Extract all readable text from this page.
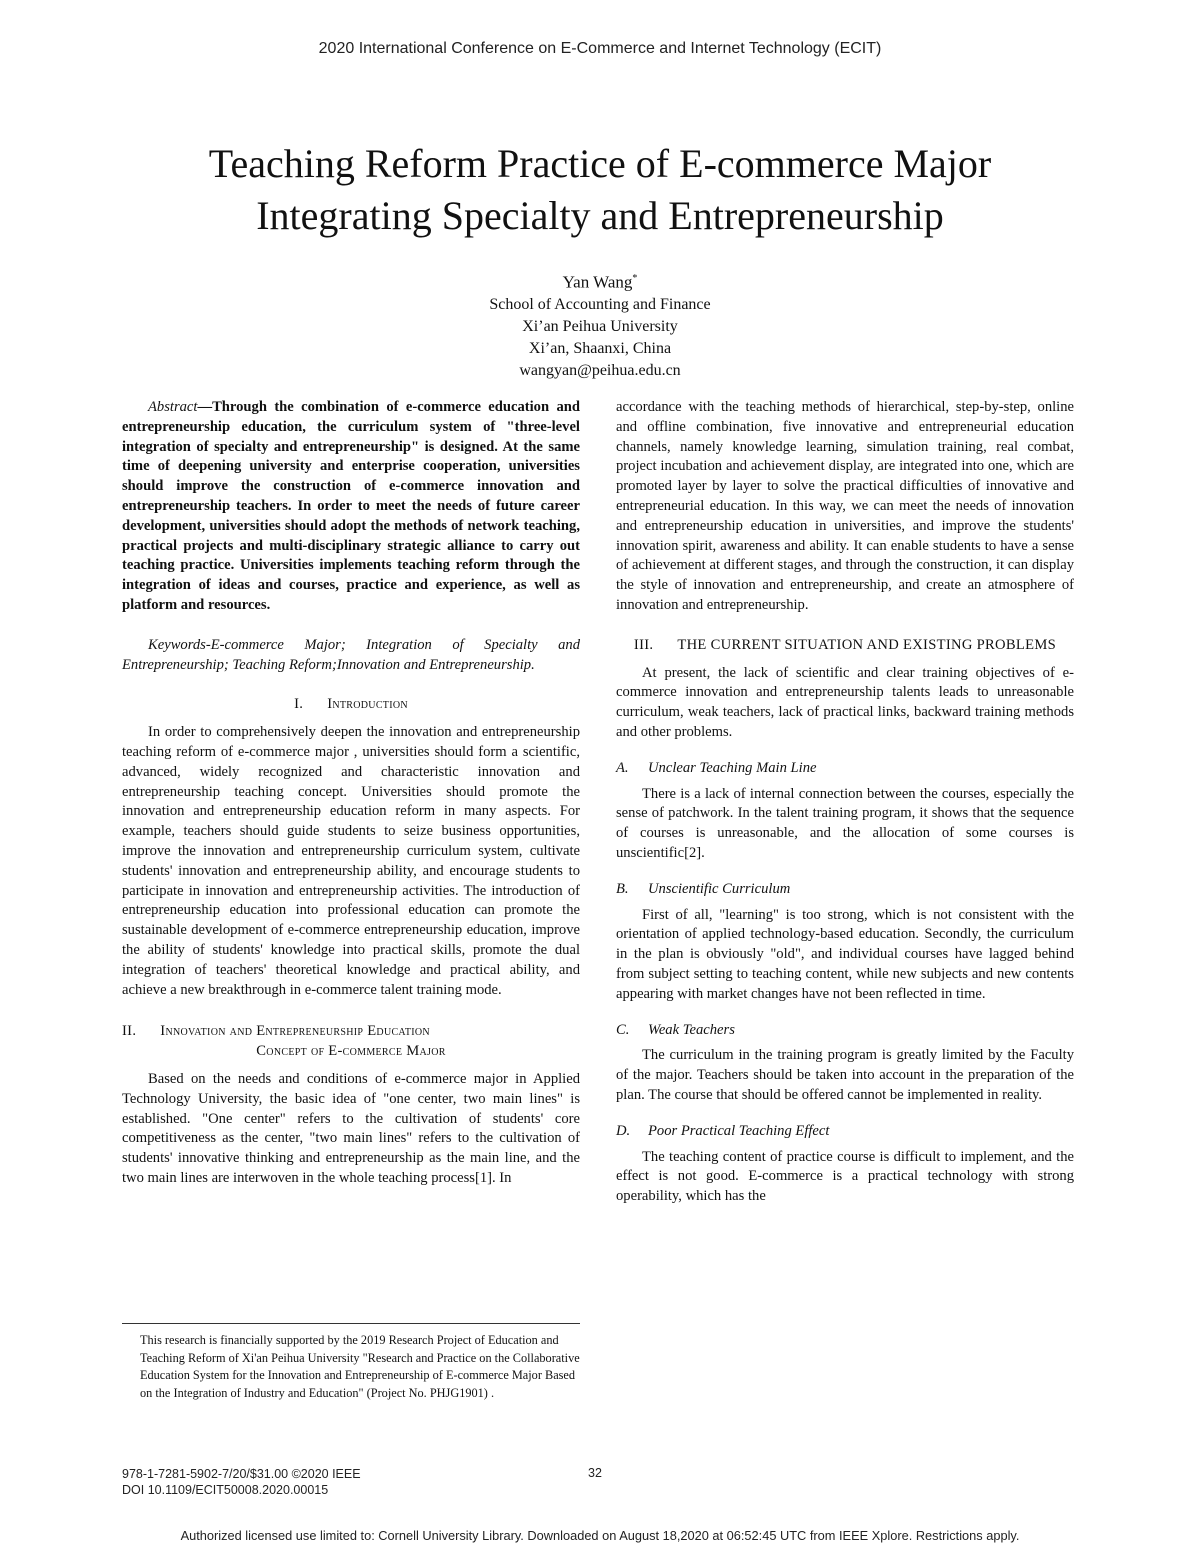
2020 International Conference on E-Commerce and Internet Technology (ECIT)
Teaching Reform Practice of E-commerce Major
Integrating Specialty and Entrepreneurship
Yan Wang*
School of Accounting and Finance
Xi’an Peihua University
Xi’an, Shaanxi, China
wangyan@peihua.edu.cn

Abstract—Through the combination of e-commerce education and entrepreneurship education, the curriculum system of "three-level integration of specialty and entrepreneurship" is designed. At the same time of deepening university and enterprise cooperation, universities should improve the construction of e-commerce innovation and entrepreneurship teachers. In order to meet the needs of future career development, universities should adopt the methods of network teaching, practical projects and multi-disciplinary strategic alliance to carry out teaching practice. Universities implements teaching reform through the integration of ideas and courses, practice and experience, as well as platform and resources.

Keywords-E-commerce Major; Integration of Specialty and Entrepreneurship; Teaching Reform;Innovation and Entrepreneurship.

I. Introduction

In order to comprehensively deepen the innovation and entrepreneurship teaching reform of e-commerce major , universities should form a scientific, advanced, widely recognized and characteristic innovation and entrepreneurship teaching concept. Universities should promote the innovation and entrepreneurship education reform in many aspects. For example, teachers should guide students to seize business opportunities, improve the innovation and entrepreneurship curriculum system, cultivate students' innovation and entrepreneurship ability, and encourage students to participate in innovation and entrepreneurship activities. The introduction of entrepreneurship education into professional education can promote the sustainable development of e-commerce entrepreneurship education, improve the ability of students' knowledge into practical skills, promote the dual integration of teachers' theoretical knowledge and practical ability, and achieve a new breakthrough in e-commerce talent training mode.

II. Innovation and Entrepreneurship Education
Concept of E-commerce Major

Based on the needs and conditions of e-commerce major in Applied Technology University, the basic idea of "one center, two main lines" is established. "One center" refers to the cultivation of students' core competitiveness as the center, "two main lines" refers to the cultivation of students' innovative thinking and entrepreneurship as the main line, and the two main lines are interwoven in the whole teaching process[1]. In

This research is financially supported by the 2019 Research Project of Education and Teaching Reform of Xi'an Peihua University "Research and Practice on the Collaborative Education System for the Innovation and Entrepreneurship of E-commerce Major Based on the Integration of Industry and Education" (Project No. PHJG1901) .

accordance with the teaching methods of hierarchical, step-by-step, online and offline combination, five innovative and entrepreneurial education channels, namely knowledge learning, simulation training, real combat, project incubation and achievement display, are integrated into one, which are promoted layer by layer to solve the practical difficulties of innovative and entrepreneurial education. In this way, we can meet the needs of innovation and entrepreneurship education in universities, and improve the students' innovation spirit, awareness and ability. It can enable students to have a sense of achievement at different stages, and through the construction, it can display the style of innovation and entrepreneurship, and create an atmosphere of innovation and entrepreneurship.

III. THE CURRENT SITUATION AND EXISTING PROBLEMS

At present, the lack of scientific and clear training objectives of e-commerce innovation and entrepreneurship talents leads to unreasonable curriculum, weak teachers, lack of practical links, backward training methods and other problems.

A. Unclear Teaching Main Line

There is a lack of internal connection between the courses, especially the sense of patchwork. In the talent training program, it shows that the sequence of courses is unreasonable, and the allocation of some courses is unscientific[2].

B. Unscientific Curriculum

First of all, "learning" is too strong, which is not consistent with the orientation of applied technology-based education. Secondly, the curriculum in the plan is obviously "old", and individual courses have lagged behind from subject setting to teaching content, while new subjects and new contents appearing with market changes have not been reflected in time.

C. Weak Teachers

The curriculum in the training program is greatly limited by the Faculty of the major. Teachers should be taken into account in the preparation of the plan. The course that should be offered cannot be implemented in reality.

D. Poor Practical Teaching Effect

The teaching content of practice course is difficult to implement, and the effect is not good. E-commerce is a practical technology with strong operability, which has the

978-1-7281-5902-7/20/$31.00 ©2020 IEEE
DOI 10.1109/ECIT50008.2020.00015
32
Authorized licensed use limited to: Cornell University Library. Downloaded on August 18,2020 at 06:52:45 UTC from IEEE Xplore. Restrictions apply.
